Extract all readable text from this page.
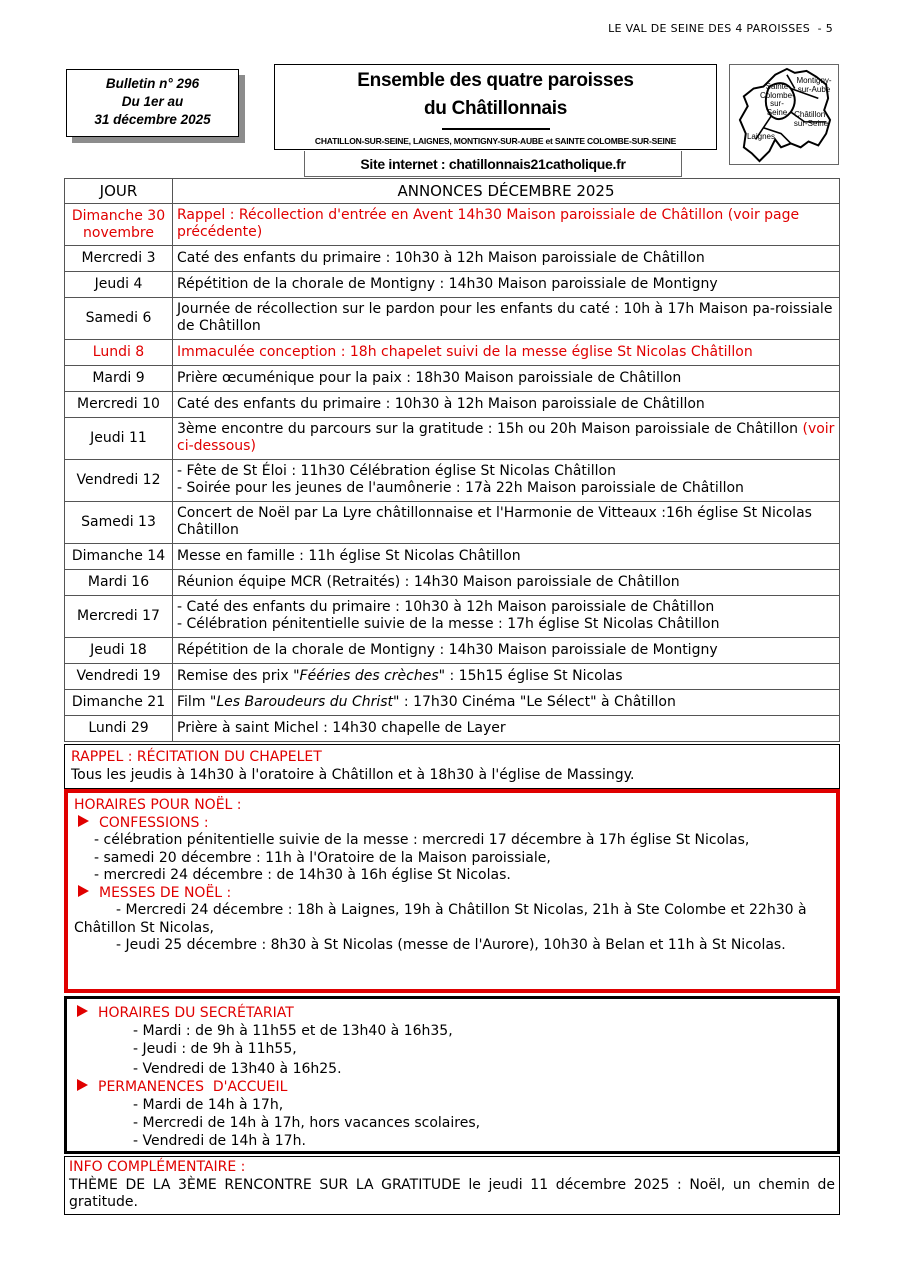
LE VAL DE SEINE DES 4 PAROISSES  - 5
Bulletin n° 296
Du 1er au
31 décembre 2025
Ensemble des quatre paroisses
du Châtillonnais
CHATILLON-SUR-SEINE, LAIGNES, MONTIGNY-SUR-AUBE et SAINTE COLOMBE-SUR-SEINE
Site internet : chatillonnais21catholique.fr
Sainte Colombe-sur-Seine
Montigny-sur-Aube
Châtillon-sur-Seine
Laignes
JOUR	ANNONCES DÉCEMBRE 2025
Dimanche 30 novembre	Rappel : Récollection d'entrée en Avent 14h30 Maison paroissiale de Châtillon (voir page précédente)
Mercredi 3	Caté des enfants du primaire : 10h30 à 12h Maison paroissiale de Châtillon
Jeudi 4	Répétition de la chorale de Montigny : 14h30 Maison paroissiale de Montigny
Samedi 6	Journée de récollection sur le pardon pour les enfants du caté : 10h à 17h Maison pa-roissiale de Châtillon
Lundi 8	Immaculée conception : 18h chapelet suivi de la messe église St Nicolas Châtillon
Mardi 9	Prière œcuménique pour la paix : 18h30 Maison paroissiale de Châtillon
Mercredi 10	Caté des enfants du primaire : 10h30 à 12h Maison paroissiale de Châtillon
Jeudi 11	3ème encontre du parcours sur la gratitude : 15h ou 20h Maison paroissiale de Châtillon (voir ci-dessous)
Vendredi 12	- Fête de St Éloi : 11h30 Célébration église St Nicolas Châtillon
- Soirée pour les jeunes de l'aumônerie : 17à 22h Maison paroissiale de Châtillon

Samedi 13	Concert de Noël par La Lyre châtillonnaise et l'Harmonie de Vitteaux :16h église St Nicolas Châtillon
Dimanche 14	Messe en famille : 11h église St Nicolas Châtillon
Mardi 16	Réunion équipe MCR (Retraités) : 14h30 Maison paroissiale de Châtillon
Mercredi 17	- Caté des enfants du primaire : 10h30 à 12h Maison paroissiale de Châtillon
- Célébration pénitentielle suivie de la messe : 17h église St Nicolas Châtillon

Jeudi 18	Répétition de la chorale de Montigny : 14h30 Maison paroissiale de Montigny
Vendredi 19	Remise des prix "Fééries des crèches" : 15h15 église St Nicolas
Dimanche 21	Film "Les Baroudeurs du Christ" : 17h30 Cinéma "Le Sélect" à Châtillon
Lundi 29	Prière à saint Michel : 14h30 chapelle de Layer
RAPPEL : RÉCITATION DU CHAPELET
Tous les jeudis à 14h30 à l'oratoire à Châtillon et à 18h30 à l'église de Massingy.
HORAIRES POUR NOËL :
CONFESSIONS :
- célébration pénitentielle suivie de la messe : mercredi 17 décembre à 17h église St Nicolas,
- samedi 20 décembre : 11h à l'Oratoire de la Maison paroissiale,
- mercredi 24 décembre : de 14h30 à 16h église St Nicolas.
MESSES DE NOËL :
- Mercredi 24 décembre : 18h à Laignes, 19h à Châtillon St Nicolas, 21h à Ste Colombe et 22h30 à Châtillon St Nicolas,
- Jeudi 25 décembre : 8h30 à St Nicolas (messe de l'Aurore), 10h30 à Belan et 11h à St Nicolas.
HORAIRES DU SECRÉTARIAT
- Mardi : de 9h à 11h55 et de 13h40 à 16h35,
- Jeudi : de 9h à 11h55,
- Vendredi de 13h40 à 16h25.
PERMANENCES  D'ACCUEIL
- Mardi de 14h à 17h,
- Mercredi de 14h à 17h, hors vacances scolaires,
- Vendredi de 14h à 17h.
INFO COMPLÉMENTAIRE :
THÈME DE LA 3ÈME RENCONTRE SUR LA GRATITUDE le jeudi 11 décembre 2025 : Noël, un chemin de gratitude.
